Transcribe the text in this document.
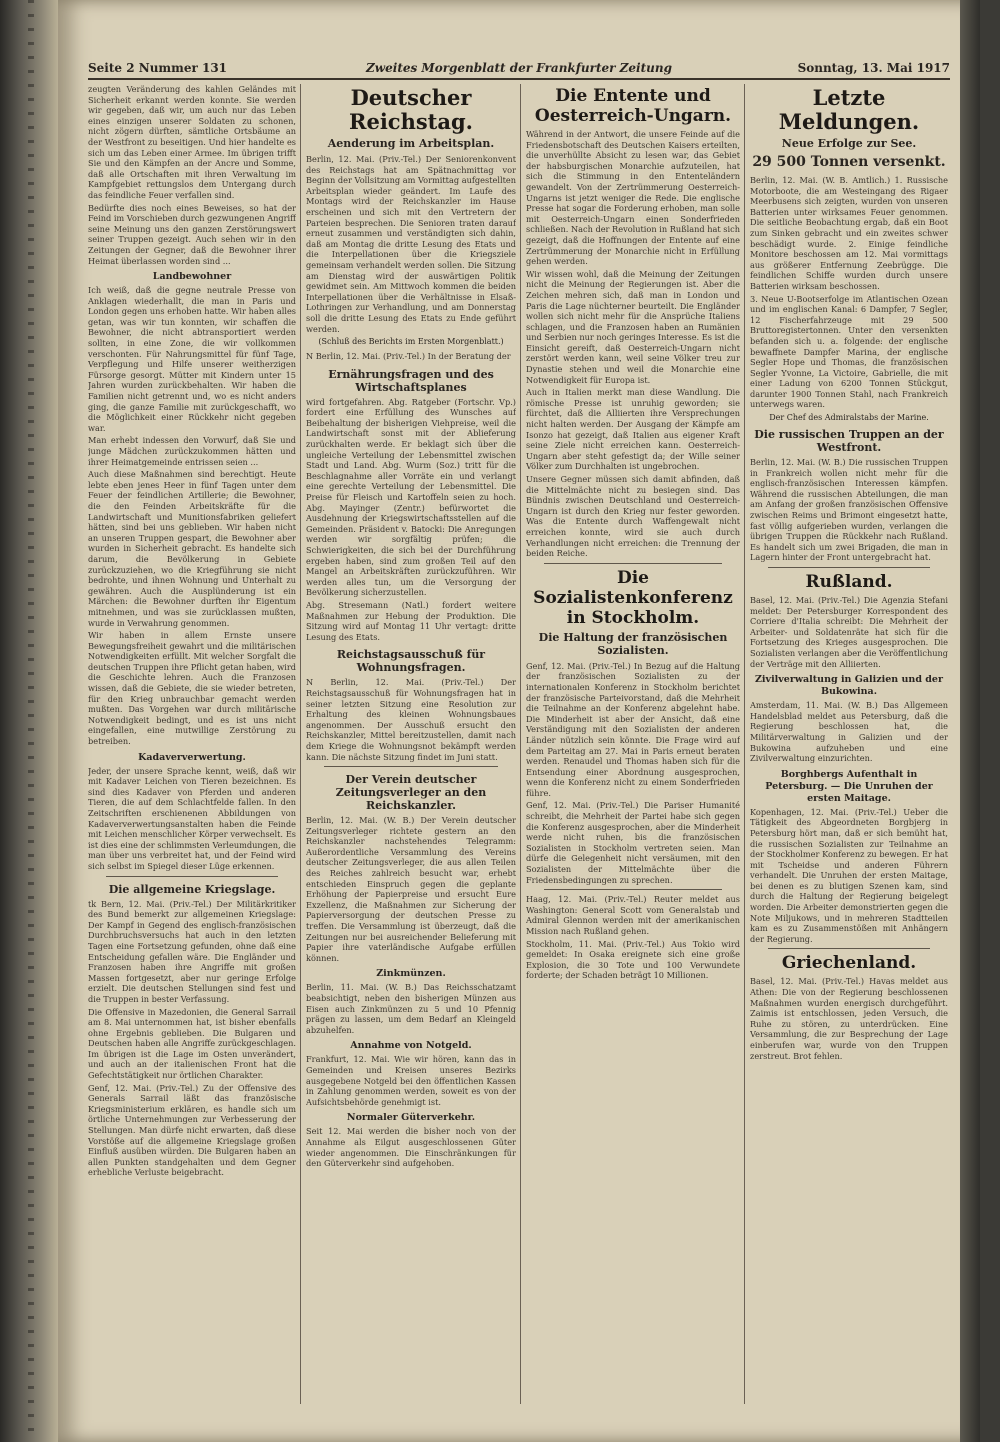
Seite 2 Nummer 131	Zweites Morgenblatt der Frankfurter Zeitung	Sonntag, 13. Mai 1917

zeugten Veränderung des kahlen Geländes mit Sicherheit erkannt werden konnte. Sie werden wir gegeben, daß wir, um auch nur das Leben eines einzigen unserer Soldaten zu schonen, nicht zögern dürften, sämtliche Ortsbäume an der Westfront zu beseitigen. Und hier handelte es sich um das Leben einer Armee. Im übrigen trifft Sie und den Kämpfen an der Ancre und Somme, daß alle Ortschaften mit ihren Verwaltung im Kampfgebiet rettungslos dem Untergang durch das feindliche Feuer verfallen sind.

Bedürfte dies noch eines Beweises, so hat der Feind im Vorschieben durch gezwungenen Angriff seine Meinung uns den ganzen Zerstörungswert seiner Truppen gezeigt. Auch sehen wir in den Zeitungen der Gegner, daß die Bewohner ihrer Heimat überlassen worden sind ...

Landbewohner

Ich weiß, daß die gegne neutrale Presse von Anklagen wiederhallt, die man in Paris und London gegen uns erhoben hatte. Wir haben alles getan, was wir tun konnten, wir schaffen die Bewohner, die nicht abtransportiert werden sollten, in eine Zone, die wir vollkommen verschonten. Für Nahrungsmittel für fünf Tage, Verpflegung und Hilfe unserer weitherzigen Fürsorge gesorgt. Mütter mit Kindern unter 15 Jahren wurden zurückbehalten. Wir haben die Familien nicht getrennt und, wo es nicht anders ging, die ganze Familie mit zurückgeschafft, wo die Möglichkeit einer Rückkehr nicht gegeben war.

Man erhebt indessen den Vorwurf, daß Sie und junge Mädchen zurückzukommen hätten und ihrer Heimatgemeinde entrissen seien ...

Auch diese Maßnahmen sind berechtigt. Heute lebte eben jenes Heer in fünf Tagen unter dem Feuer der feindlichen Artillerie; die Bewohner, die den Feinden Arbeitskräfte für die Landwirtschaft und Munitionsfabriken geliefert hätten, sind bei uns geblieben. Wir haben nicht an unseren Truppen gespart, die Bewohner aber wurden in Sicherheit gebracht. Es handelte sich darum, die Bevölkerung in Gebiete zurückzuziehen, wo die Kriegführung sie nicht bedrohte, und ihnen Wohnung und Unterhalt zu gewähren. Auch die Ausplünderung ist ein Märchen: die Bewohner durften ihr Eigentum mitnehmen, und was sie zurücklassen mußten, wurde in Verwahrung genommen.

Wir haben in allem Ernste unsere Bewegungsfreiheit gewahrt und die militärischen Notwendigkeiten erfüllt. Mit welcher Sorgfalt die deutschen Truppen ihre Pflicht getan haben, wird die Geschichte lehren. Auch die Franzosen wissen, daß die Gebiete, die sie wieder betreten, für den Krieg unbrauchbar gemacht werden mußten. Das Vorgehen war durch militärische Notwendigkeit bedingt, und es ist uns nicht eingefallen, eine mutwillige Zerstörung zu betreiben.

Kadaververwertung.

Jeder, der unsere Sprache kennt, weiß, daß wir mit Kadaver Leichen von Tieren bezeichnen. Es sind dies Kadaver von Pferden und anderen Tieren, die auf dem Schlachtfelde fallen. In den Zeitschriften erschienenen Abbildungen von Kadaververwertungsanstalten haben die Feinde mit Leichen menschlicher Körper verwechselt. Es ist dies eine der schlimmsten Verleumdungen, die man über uns verbreitet hat, und der Feind wird sich selbst im Spiegel dieser Lüge erkennen.

Die allgemeine Kriegslage.

tk Bern, 12. Mai. (Priv.-Tel.) Der Militärkritiker des Bund bemerkt zur allgemeinen Kriegslage: Der Kampf in Gegend des englisch-französischen Durchbruchsversuchs hat auch in den letzten Tagen eine Fortsetzung gefunden, ohne daß eine Entscheidung gefallen wäre. Die Engländer und Franzosen haben ihre Angriffe mit großen Massen fortgesetzt, aber nur geringe Erfolge erzielt. Die deutschen Stellungen sind fest und die Truppen in bester Verfassung.

Die Offensive in Mazedonien, die General Sarrail am 8. Mai unternommen hat, ist bisher ebenfalls ohne Ergebnis geblieben. Die Bulgaren und Deutschen haben alle Angriffe zurückgeschlagen. Im übrigen ist die Lage im Osten unverändert, und auch an der italienischen Front hat die Gefechtstätigkeit nur örtlichen Charakter.

Genf, 12. Mai. (Priv.-Tel.) Zu der Offensive des Generals Sarrail läßt das französische Kriegsministerium erklären, es handle sich um örtliche Unternehmungen zur Verbesserung der Stellungen. Man dürfe nicht erwarten, daß diese Vorstöße auf die allgemeine Kriegslage großen Einfluß ausüben würden. Die Bulgaren haben an allen Punkten standgehalten und dem Gegner erhebliche Verluste beigebracht.

Deutscher Reichstag.
Aenderung im Arbeitsplan.

Berlin, 12. Mai. (Priv.-Tel.) Der Seniorenkonvent des Reichstags hat am Spätnachmittag vor Beginn der Vollsitzung am Vormittag aufgestellten Arbeitsplan wieder geändert. Im Laufe des Montags wird der Reichskanzler im Hause erscheinen und sich mit den Vertretern der Parteien besprechen. Die Senioren traten darauf erneut zusammen und verständigten sich dahin, daß am Montag die dritte Lesung des Etats und die Interpellationen über die Kriegsziele gemeinsam verhandelt werden sollen. Die Sitzung am Dienstag wird der auswärtigen Politik gewidmet sein. Am Mittwoch kommen die beiden Interpellationen über die Verhältnisse in Elsaß-Lothringen zur Verhandlung, und am Donnerstag soll die dritte Lesung des Etats zu Ende geführt werden.

(Schluß des Berichts im Ersten Morgenblatt.)

N Berlin, 12. Mai. (Priv.-Tel.) In der Beratung der

Ernährungsfragen und des Wirtschaftsplanes

wird fortgefahren. Abg. Ratgeber (Fortschr. Vp.) fordert eine Erfüllung des Wunsches auf Beibehaltung der bisherigen Viehpreise, weil die Landwirtschaft sonst mit der Ablieferung zurückhalten werde. Er beklagt sich über die ungleiche Verteilung der Lebensmittel zwischen Stadt und Land. Abg. Wurm (Soz.) tritt für die Beschlagnahme aller Vorräte ein und verlangt eine gerechte Verteilung der Lebensmittel. Die Preise für Fleisch und Kartoffeln seien zu hoch. Abg. Mayinger (Zentr.) befürwortet die Ausdehnung der Kriegswirtschaftsstellen auf die Gemeinden. Präsident v. Batocki: Die Anregungen werden wir sorgfältig prüfen; die Schwierigkeiten, die sich bei der Durchführung ergeben haben, sind zum großen Teil auf den Mangel an Arbeitskräften zurückzuführen. Wir werden alles tun, um die Versorgung der Bevölkerung sicherzustellen.

Abg. Stresemann (Natl.) fordert weitere Maßnahmen zur Hebung der Produktion. Die Sitzung wird auf Montag 11 Uhr vertagt: dritte Lesung des Etats.

Reichstagsausschuß für Wohnungsfragen.

N Berlin, 12. Mai. (Priv.-Tel.) Der Reichstagsausschuß für Wohnungsfragen hat in seiner letzten Sitzung eine Resolution zur Erhaltung des kleinen Wohnungsbaues angenommen. Der Ausschuß ersucht den Reichskanzler, Mittel bereitzustellen, damit nach dem Kriege die Wohnungsnot bekämpft werden kann. Die nächste Sitzung findet im Juni statt.

Der Verein deutscher Zeitungsverleger an den Reichskanzler.

Berlin, 12. Mai. (W. B.) Der Verein deutscher Zeitungsverleger richtete gestern an den Reichskanzler nachstehendes Telegramm: Außerordentliche Versammlung des Vereins deutscher Zeitungsverleger, die aus allen Teilen des Reiches zahlreich besucht war, erhebt entschieden Einspruch gegen die geplante Erhöhung der Papierpreise und ersucht Eure Exzellenz, die Maßnahmen zur Sicherung der Papierversorgung der deutschen Presse zu treffen. Die Versammlung ist überzeugt, daß die Zeitungen nur bei ausreichender Belieferung mit Papier ihre vaterländische Aufgabe erfüllen können.

Zinkmünzen.

Berlin, 11. Mai. (W. B.) Das Reichsschatzamt beabsichtigt, neben den bisherigen Münzen aus Eisen auch Zinkmünzen zu 5 und 10 Pfennig prägen zu lassen, um dem Bedarf an Kleingeld abzuhelfen.

Annahme von Notgeld.

Frankfurt, 12. Mai. Wie wir hören, kann das in Gemeinden und Kreisen unseres Bezirks ausgegebene Notgeld bei den öffentlichen Kassen in Zahlung genommen werden, soweit es von der Aufsichtsbehörde genehmigt ist.

Normaler Güterverkehr.

Seit 12. Mai werden die bisher noch von der Annahme als Eilgut ausgeschlossenen Güter wieder angenommen. Die Einschränkungen für den Güterverkehr sind aufgehoben.

Die Entente und Oesterreich-Ungarn.

Während in der Antwort, die unsere Feinde auf die Friedensbotschaft des Deutschen Kaisers erteilten, die unverhüllte Absicht zu lesen war, das Gebiet der habsburgischen Monarchie aufzuteilen, hat sich die Stimmung in den Ententeländern gewandelt. Von der Zertrümmerung Oesterreich-Ungarns ist jetzt weniger die Rede. Die englische Presse hat sogar die Forderung erhoben, man solle mit Oesterreich-Ungarn einen Sonderfrieden schließen. Nach der Revolution in Rußland hat sich gezeigt, daß die Hoffnungen der Entente auf eine Zertrümmerung der Monarchie nicht in Erfüllung gehen werden.

Wir wissen wohl, daß die Meinung der Zeitungen nicht die Meinung der Regierungen ist. Aber die Zeichen mehren sich, daß man in London und Paris die Lage nüchterner beurteilt. Die Engländer wollen sich nicht mehr für die Ansprüche Italiens schlagen, und die Franzosen haben an Rumänien und Serbien nur noch geringes Interesse. Es ist die Einsicht gereift, daß Oesterreich-Ungarn nicht zerstört werden kann, weil seine Völker treu zur Dynastie stehen und weil die Monarchie eine Notwendigkeit für Europa ist.

Auch in Italien merkt man diese Wandlung. Die römische Presse ist unruhig geworden; sie fürchtet, daß die Alliierten ihre Versprechungen nicht halten werden. Der Ausgang der Kämpfe am Isonzo hat gezeigt, daß Italien aus eigener Kraft seine Ziele nicht erreichen kann. Oesterreich-Ungarn aber steht gefestigt da; der Wille seiner Völker zum Durchhalten ist ungebrochen.

Unsere Gegner müssen sich damit abfinden, daß die Mittelmächte nicht zu besiegen sind. Das Bündnis zwischen Deutschland und Oesterreich-Ungarn ist durch den Krieg nur fester geworden. Was die Entente durch Waffengewalt nicht erreichen konnte, wird sie auch durch Verhandlungen nicht erreichen: die Trennung der beiden Reiche.

Die Sozialistenkonferenz in Stockholm.
Die Haltung der französischen Sozialisten.

Genf, 12. Mai. (Priv.-Tel.) In Bezug auf die Haltung der französischen Sozialisten zu der internationalen Konferenz in Stockholm berichtet der französische Parteivorstand, daß die Mehrheit die Teilnahme an der Konferenz abgelehnt habe. Die Minderheit ist aber der Ansicht, daß eine Verständigung mit den Sozialisten der anderen Länder nützlich sein könnte. Die Frage wird auf dem Parteitag am 27. Mai in Paris erneut beraten werden. Renaudel und Thomas haben sich für die Entsendung einer Abordnung ausgesprochen, wenn die Konferenz nicht zu einem Sonderfrieden führe.

Genf, 12. Mai. (Priv.-Tel.) Die Pariser Humanité schreibt, die Mehrheit der Partei habe sich gegen die Konferenz ausgesprochen, aber die Minderheit werde nicht ruhen, bis die französischen Sozialisten in Stockholm vertreten seien. Man dürfe die Gelegenheit nicht versäumen, mit den Sozialisten der Mittelmächte über die Friedensbedingungen zu sprechen.

Haag, 12. Mai. (Priv.-Tel.) Reuter meldet aus Washington: General Scott vom Generalstab und Admiral Glennon werden mit der amerikanischen Mission nach Rußland gehen.

Stockholm, 11. Mai. (Priv.-Tel.) Aus Tokio wird gemeldet: In Osaka ereignete sich eine große Explosion, die 30 Tote und 100 Verwundete forderte; der Schaden beträgt 10 Millionen.

Letzte Meldungen.
Neue Erfolge zur See.
29 500 Tonnen versenkt.

Berlin, 12. Mai. (W. B. Amtlich.) 1. Russische Motorboote, die am Westeingang des Rigaer Meerbusens sich zeigten, wurden von unseren Batterien unter wirksames Feuer genommen. Die seitliche Beobachtung ergab, daß ein Boot zum Sinken gebracht und ein zweites schwer beschädigt wurde. 2. Einige feindliche Monitore beschossen am 12. Mai vormittags aus größerer Entfernung Zeebrügge. Die feindlichen Schiffe wurden durch unsere Batterien wirksam beschossen.

3. Neue U-Bootserfolge im Atlantischen Ozean und im englischen Kanal: 6 Dampfer, 7 Segler, 12 Fischerfahrzeuge mit 29 500 Bruttoregistertonnen. Unter den versenkten befanden sich u. a. folgende: der englische bewaffnete Dampfer Marina, der englische Segler Hope und Thomas, die französischen Segler Yvonne, La Victoire, Gabrielle, die mit einer Ladung von 6200 Tonnen Stückgut, darunter 1900 Tonnen Stahl, nach Frankreich unterwegs waren.

Der Chef des Admiralstabs der Marine.
Die russischen Truppen an der Westfront.

Berlin, 12. Mai. (W. B.) Die russischen Truppen in Frankreich wollen nicht mehr für die englisch-französischen Interessen kämpfen. Während die russischen Abteilungen, die man am Anfang der großen französischen Offensive zwischen Reims und Brimont eingesetzt hatte, fast völlig aufgerieben wurden, verlangen die übrigen Truppen die Rückkehr nach Rußland. Es handelt sich um zwei Brigaden, die man in Lagern hinter der Front untergebracht hat.

Rußland.

Basel, 12. Mai. (Priv.-Tel.) Die Agenzia Stefani meldet: Der Petersburger Korrespondent des Corriere d'Italia schreibt: Die Mehrheit der Arbeiter- und Soldatenräte hat sich für die Fortsetzung des Krieges ausgesprochen. Die Sozialisten verlangen aber die Veröffentlichung der Verträge mit den Alliierten.

Zivilverwaltung in Galizien und der Bukowina.

Amsterdam, 11. Mai. (W. B.) Das Allgemeen Handelsblad meldet aus Petersburg, daß die Regierung beschlossen hat, die Militärverwaltung in Galizien und der Bukowina aufzuheben und eine Zivilverwaltung einzurichten.

Borghbergs Aufenthalt in Petersburg. — Die Unruhen der ersten Maitage.

Kopenhagen, 12. Mai. (Priv.-Tel.) Ueber die Tätigkeit des Abgeordneten Borgbjerg in Petersburg hört man, daß er sich bemüht hat, die russischen Sozialisten zur Teilnahme an der Stockholmer Konferenz zu bewegen. Er hat mit Tscheidse und anderen Führern verhandelt. Die Unruhen der ersten Maitage, bei denen es zu blutigen Szenen kam, sind durch die Haltung der Regierung beigelegt worden. Die Arbeiter demonstrierten gegen die Note Miljukows, und in mehreren Stadtteilen kam es zu Zusammenstößen mit Anhängern der Regierung.

Griechenland.

Basel, 12. Mai. (Priv.-Tel.) Havas meldet aus Athen: Die von der Regierung beschlossenen Maßnahmen wurden energisch durchgeführt. Zaimis ist entschlossen, jeden Versuch, die Ruhe zu stören, zu unterdrücken. Eine Versammlung, die zur Besprechung der Lage einberufen war, wurde von den Truppen zerstreut. Brot fehlen.
